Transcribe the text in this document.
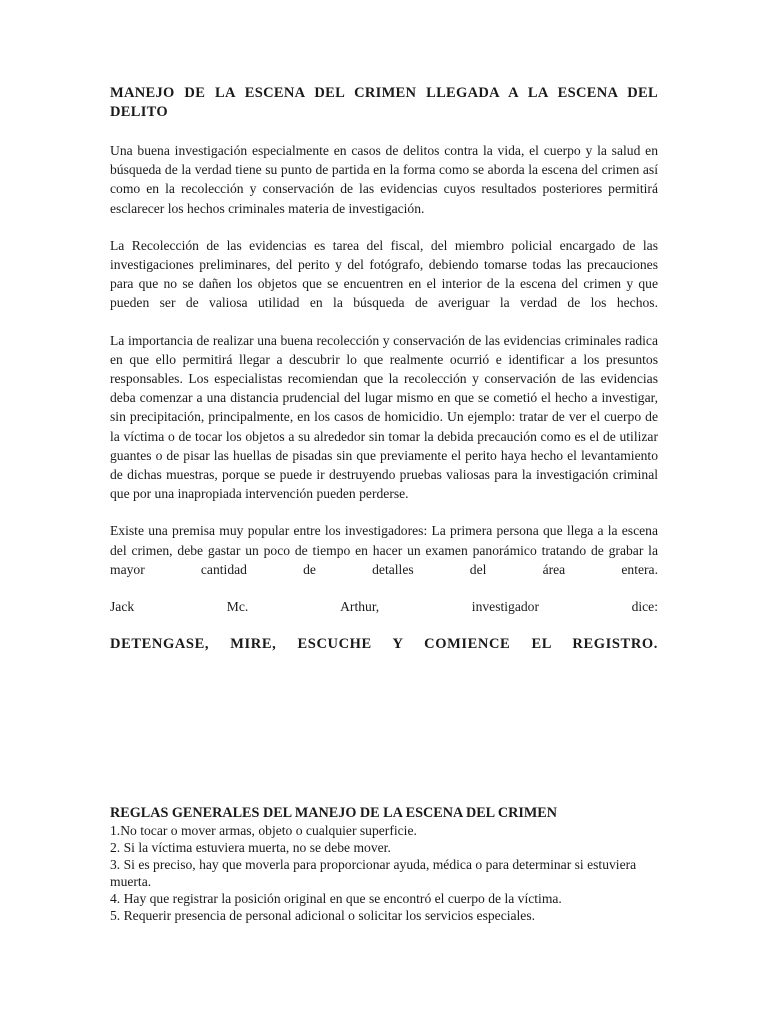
MANEJO DE LA ESCENA DEL CRIMEN LLEGADA A LA ESCENA DEL DELITO

Una buena investigación especialmente en casos de delitos contra la vida, el cuerpo y la salud en búsqueda de la verdad tiene su punto de partida en la forma como se aborda la escena del crimen así como en la recolección y conservación de las evidencias cuyos resultados posteriores permitirá esclarecer los hechos criminales materia de investigación.

La Recolección de las evidencias es tarea del fiscal, del miembro policial encargado de las investigaciones preliminares, del perito y del fotógrafo, debiendo tomarse todas las precauciones para que no se dañen los objetos que se encuentren en el interior de la escena del crimen y que pueden ser de valiosa utilidad en la búsqueda de averiguar la verdad de los hechos.

La importancia de realizar una buena recolección y conservación de las evidencias criminales radica en que ello permitirá llegar a descubrir lo que realmente ocurrió e identificar a los presuntos responsables. Los especialistas recomiendan que la recolección y conservación de las evidencias deba comenzar a una distancia prudencial del lugar mismo en que se cometió el hecho a investigar, sin precipitación, principalmente, en los casos de homicidio. Un ejemplo: tratar de ver el cuerpo de la víctima o de tocar los objetos a su alrededor sin tomar la debida precaución como es el de utilizar guantes o de pisar las huellas de pisadas sin que previamente el perito haya hecho el levantamiento de dichas muestras, porque se puede ir destruyendo pruebas valiosas para la investigación criminal que por una inapropiada intervención pueden perderse.

Existe una premisa muy popular entre los investigadores: La primera persona que llega a la escena del crimen, debe gastar un poco de tiempo en hacer un examen panorámico tratando de grabar la mayor cantidad de detalles del área entera.

Jack Mc. Arthur, investigador dice:

DETENGASE, MIRE, ESCUCHE Y COMIENCE EL REGISTRO.

REGLAS GENERALES DEL MANEJO DE LA ESCENA DEL CRIMEN

1.No tocar o mover armas, objeto o cualquier superficie.

2. Si la víctima estuviera muerta, no se debe mover.

3. Si es preciso, hay que moverla para proporcionar ayuda, médica o para determinar si estuviera muerta.

4. Hay que registrar la posición original en que se encontró el cuerpo de la víctima.

5. Requerir presencia de personal adicional o solicitar los servicios especiales.
